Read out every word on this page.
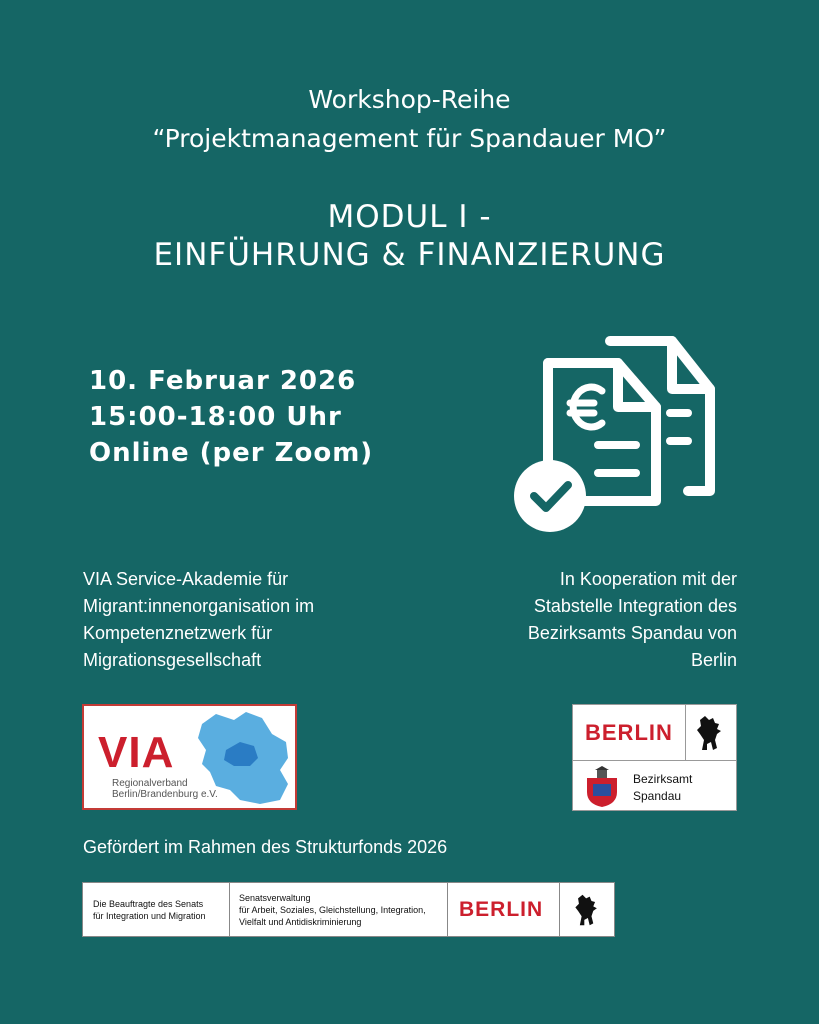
Workshop-Reihe
“Projektmanagement für Spandauer MO”
MODUL I -
EINFÜHRUNG & FINANZIERUNG
10. Februar 2026
15:00-18:00 Uhr
Online (per Zoom)
VIA Service-Akademie für
Migrant:innenorganisation im
Kompetenznetzwerk für
Migrationsgesellschaft
In Kooperation mit der
Stabstelle Integration des
Bezirksamts Spandau von
Berlin
VIA
Regionalverband
Berlin/Brandenburg e.V.
BERLIN
Bezirksamt
Spandau
Gefördert im Rahmen des Strukturfonds 2026
Die Beauftragte des Senats
für Integration und Migration
Senatsverwaltung
für Arbeit, Soziales, Gleichstellung, Integration,
Vielfalt und Antidiskriminierung
BERLIN
